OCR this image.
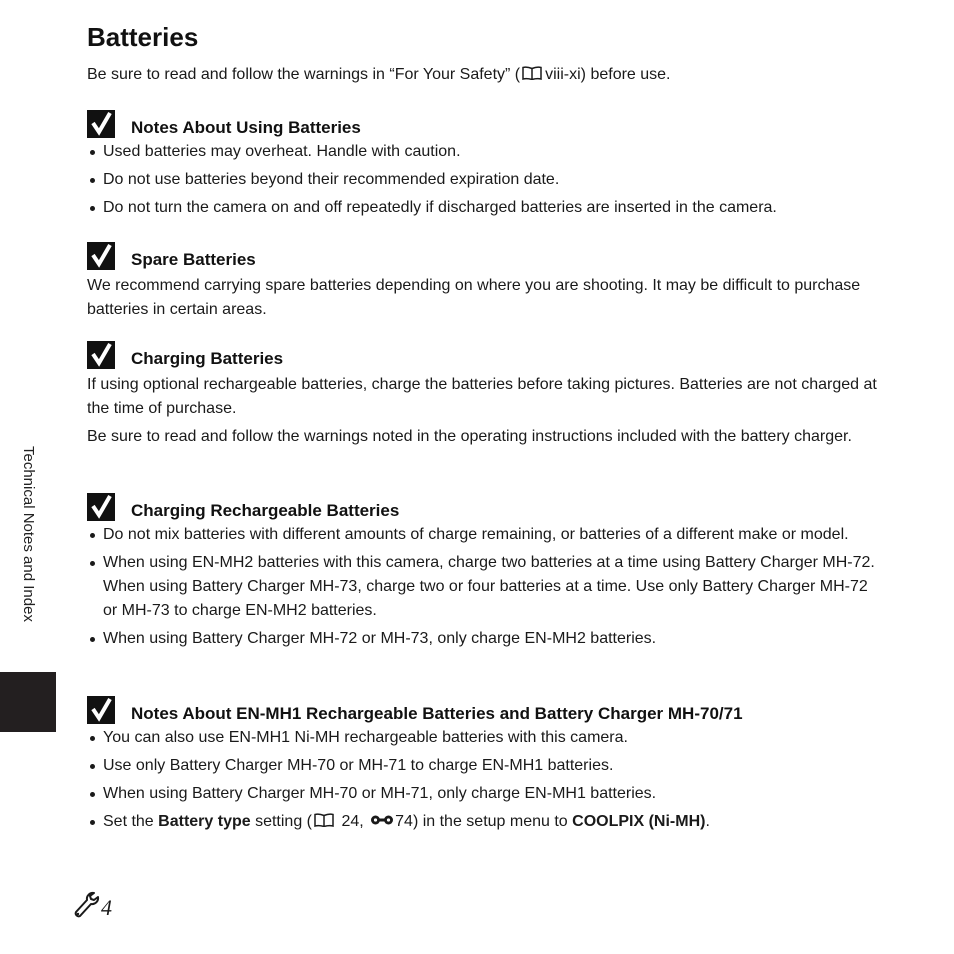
Batteries

Be sure to read and follow the warnings in “For Your Safety” ( viii-xi) before use.

Notes About Using Batteries
Used batteries may overheat. Handle with caution.
Do not use batteries beyond their recommended expiration date.
Do not turn the camera on and off repeatedly if discharged batteries are inserted in the camera.
Spare Batteries

We recommend carrying spare batteries depending on where you are shooting. It may be difficult to purchase batteries in certain areas.

Charging Batteries

If using optional rechargeable batteries, charge the batteries before taking pictures. Batteries are not charged at the time of purchase.

Be sure to read and follow the warnings noted in the operating instructions included with the battery charger.

Charging Rechargeable Batteries
Do not mix batteries with different amounts of charge remaining, or batteries of a different make or model.
When using EN-MH2 batteries with this camera, charge two batteries at a time using Battery Charger MH-72. When using Battery Charger MH-73, charge two or four batteries at a time. Use only Battery Charger MH-72 or MH-73 to charge EN-MH2 batteries.
When using Battery Charger MH-72 or MH-73, only charge EN-MH2 batteries.
Notes About EN-MH1 Rechargeable Batteries and Battery Charger MH-70/71
You can also use EN-MH1 Ni-MH rechargeable batteries with this camera.
Use only Battery Charger MH-70 or MH-71 to charge EN-MH1 batteries.
When using Battery Charger MH-70 or MH-71, only charge EN-MH1 batteries.
Set the Battery type setting ( 24, 74) in the setup menu to COOLPIX (Ni-MH).
Technical Notes and Index
4
